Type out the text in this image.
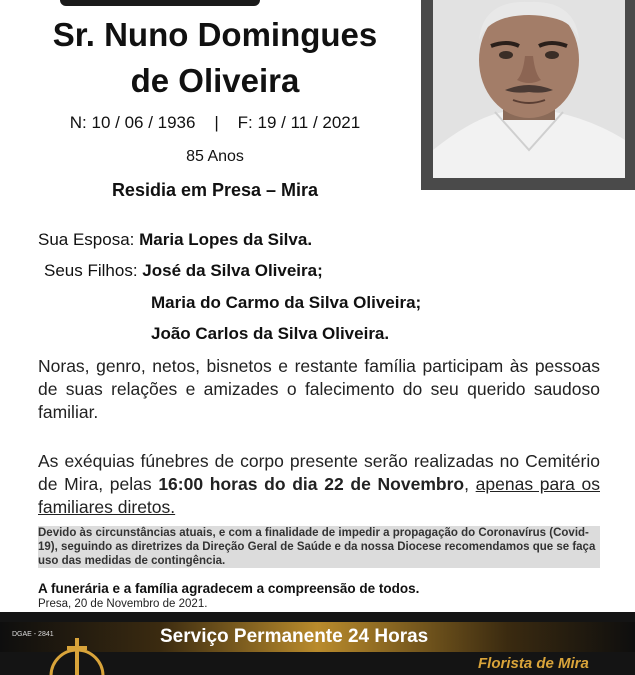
Sr. Nuno Domingues
de Oliveira
N: 10 / 06 / 1936    |    F: 19 / 11 / 2021
85 Anos
Residia em Presa – Mira
Sua Esposa: Maria Lopes da Silva.
Seus Filhos: José da Silva Oliveira;
Maria do Carmo da Silva Oliveira;
João Carlos da Silva Oliveira.
Noras, genro, netos, bisnetos e restante família participam às pessoas de suas relações e amizades o falecimento do seu querido saudoso familiar.
As exéquias fúnebres de corpo presente serão realizadas no Cemitério de Mira, pelas 16:00 horas do dia 22 de Novembro, apenas para os familiares diretos.
Devido às circunstâncias atuais, e com a finalidade de impedir a propagação do Coronavírus (Covid-19), seguindo as diretrizes da Direção Geral de Saúde e da nossa Diocese recomendamos que se faça uso das medidas de contingência.
A funerária e a família agradecem a compreensão de todos.
Presa, 20 de Novembro de 2021.
DGAE - 2841	Serviço Permanente 24 Horas
Florista de Mira
